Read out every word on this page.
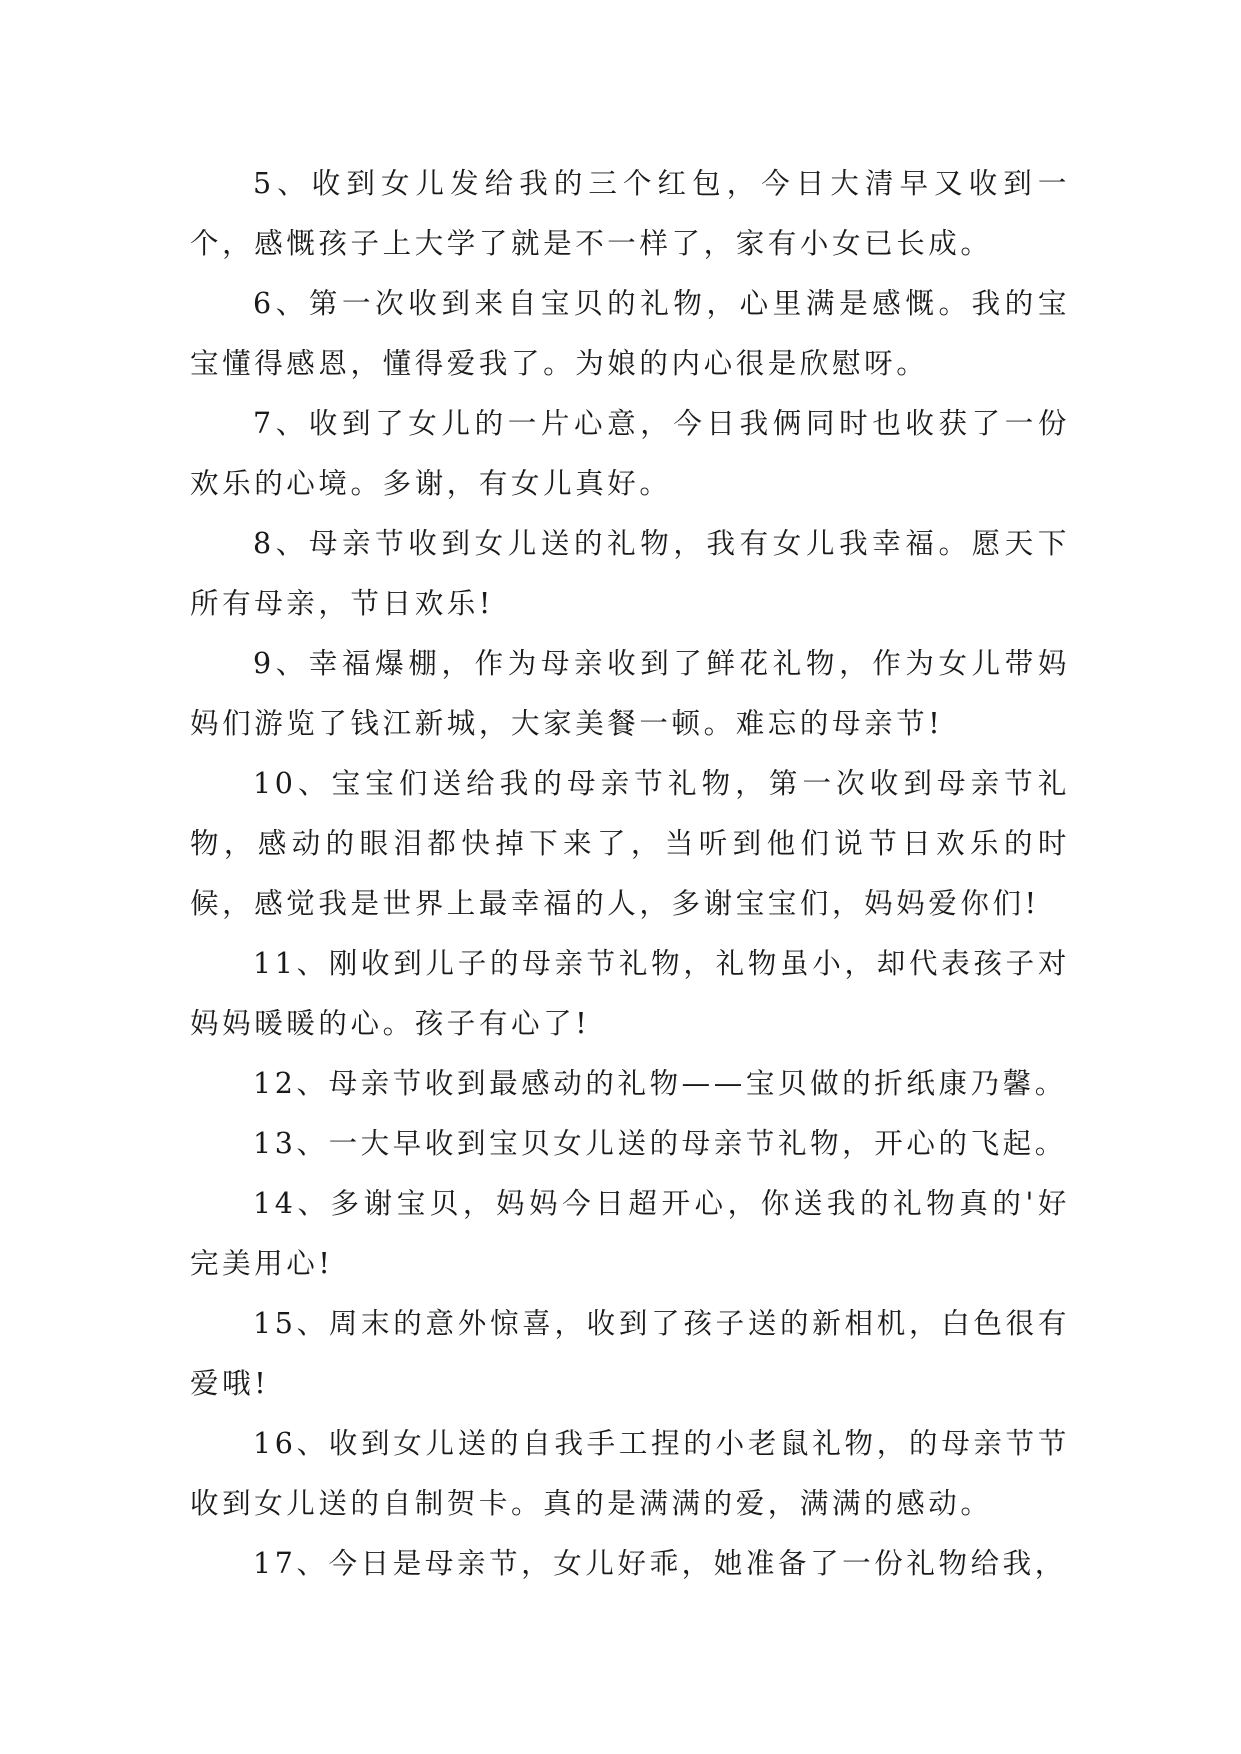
5、收到女儿发给我的三个红包，今日大清早又收到一个，感慨孩子上大学了就是不一样了，家有小女已长成。

6、第一次收到来自宝贝的礼物，心里满是感慨。我的宝宝懂得感恩，懂得爱我了。为娘的内心很是欣慰呀。

7、收到了女儿的一片心意，今日我俩同时也收获了一份欢乐的心境。多谢，有女儿真好。

8、母亲节收到女儿送的礼物，我有女儿我幸福。愿天下所有母亲，节日欢乐!

9、幸福爆棚，作为母亲收到了鲜花礼物，作为女儿带妈妈们游览了钱江新城，大家美餐一顿。难忘的母亲节!

10、宝宝们送给我的母亲节礼物，第一次收到母亲节礼物，感动的眼泪都快掉下来了，当听到他们说节日欢乐的时候，感觉我是世界上最幸福的人，多谢宝宝们，妈妈爱你们!

11、刚收到儿子的母亲节礼物，礼物虽小，却代表孩子对妈妈暖暖的心。孩子有心了!

12、母亲节收到最感动的礼物——宝贝做的折纸康乃馨。

13、一大早收到宝贝女儿送的母亲节礼物，开心的飞起。

14、多谢宝贝，妈妈今日超开心，你送我的礼物真的'好完美用心!

15、周末的意外惊喜，收到了孩子送的新相机，白色很有爱哦!

16、收到女儿送的自我手工捏的小老鼠礼物，的母亲节节收到女儿送的自制贺卡。真的是满满的爱，满满的感动。

17、今日是母亲节，女儿好乖，她准备了一份礼物给我，
